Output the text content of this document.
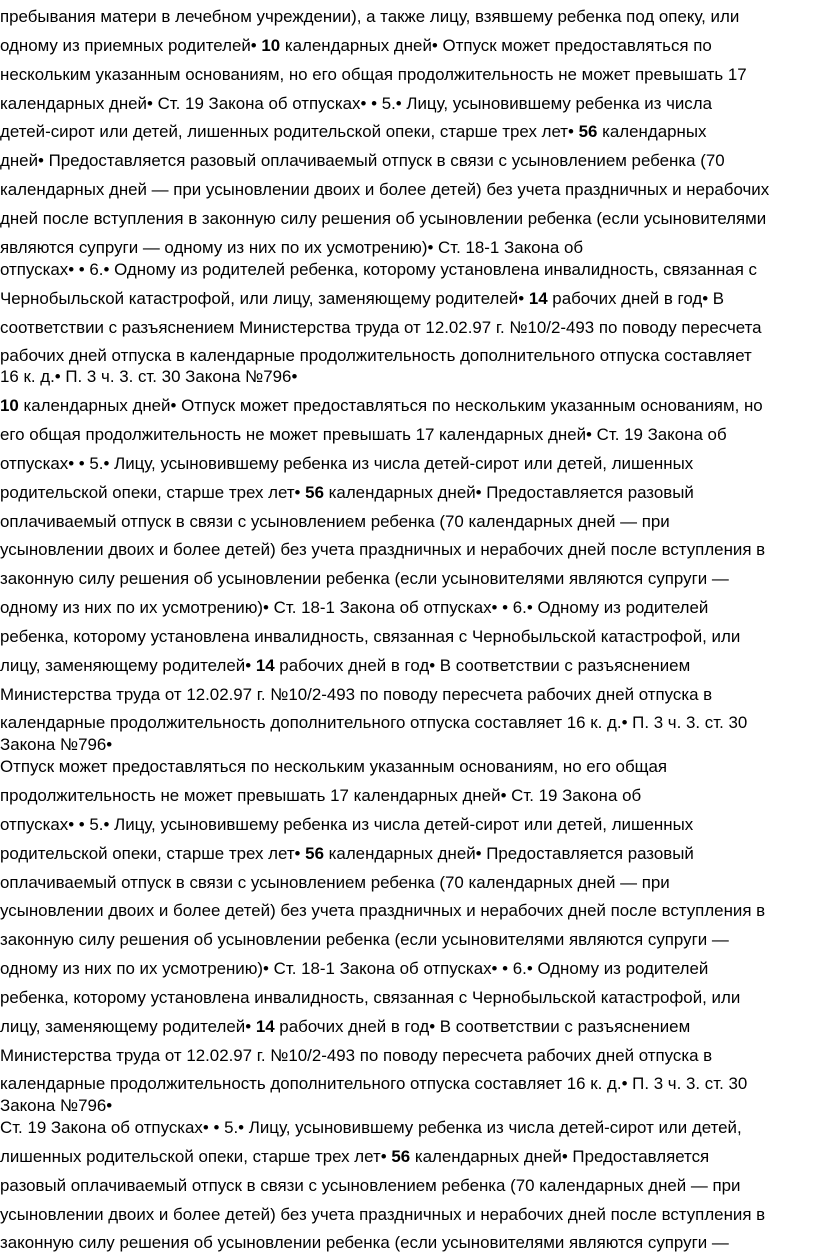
пребывания матери в лечебном учреждении), а также лицу, взявшему ребенка под опеку, или

одному из приемных родителей• 10 календарных дней• Отпуск может предоставляться по

нескольким указанным основаниям, но его общая продолжительность не может превышать 17

календарных дней• Ст. 19 Закона об отпусках• • 5.• Лицу, усыновившему ребенка из числа

детей-сирот или детей, лишенных родительской опеки, старше трех лет• 56 календарных

дней• Предоставляется разовый оплачиваемый отпуск в связи с усыновлением ребенка (70

календарных дней — при усыновлении двоих и более детей) без учета праздничных и нерабочих

дней после вступления в законную силу решения об усыновлении ребенка (если усыновителями

являются супруги — одному из них по их усмотрению)• Ст. 18-1 Закона об

отпусках• • 6.• Одному из родителей ребенка, которому установлена инвалидность, связанная с

Чернобыльской катастрофой, или лицу, заменяющему родителей• 14 рабочих дней в год• В

соответствии с разъяснением Министерства труда от 12.02.97 г. №10/2-493 по поводу пересчета

рабочих дней отпуска в календарные продолжительность дополнительного отпуска составляет

16 к. д.• П. 3 ч. 3. ст. 30 Закона №796•

10 календарных дней• Отпуск может предоставляться по нескольким указанным основаниям, но

его общая продолжительность не может превышать 17 календарных дней• Ст. 19 Закона об

отпусках• • 5.• Лицу, усыновившему ребенка из числа детей-сирот или детей, лишенных

родительской опеки, старше трех лет• 56 календарных дней• Предоставляется разовый

оплачиваемый отпуск в связи с усыновлением ребенка (70 календарных дней — при

усыновлении двоих и более детей) без учета праздничных и нерабочих дней после вступления в

законную силу решения об усыновлении ребенка (если усыновителями являются супруги —

одному из них по их усмотрению)• Ст. 18-1 Закона об отпусках• • 6.• Одному из родителей

ребенка, которому установлена инвалидность, связанная с Чернобыльской катастрофой, или

лицу, заменяющему родителей• 14 рабочих дней в год• В соответствии с разъяснением

Министерства труда от 12.02.97 г. №10/2-493 по поводу пересчета рабочих дней отпуска в

календарные продолжительность дополнительного отпуска составляет 16 к. д.• П. 3 ч. 3. ст. 30

Закона №796•

Отпуск может предоставляться по нескольким указанным основаниям, но его общая

продолжительность не может превышать 17 календарных дней• Ст. 19 Закона об

отпусках• • 5.• Лицу, усыновившему ребенка из числа детей-сирот или детей, лишенных

родительской опеки, старше трех лет• 56 календарных дней• Предоставляется разовый

оплачиваемый отпуск в связи с усыновлением ребенка (70 календарных дней — при

усыновлении двоих и более детей) без учета праздничных и нерабочих дней после вступления в

законную силу решения об усыновлении ребенка (если усыновителями являются супруги —

одному из них по их усмотрению)• Ст. 18-1 Закона об отпусках• • 6.• Одному из родителей

ребенка, которому установлена инвалидность, связанная с Чернобыльской катастрофой, или

лицу, заменяющему родителей• 14 рабочих дней в год• В соответствии с разъяснением

Министерства труда от 12.02.97 г. №10/2-493 по поводу пересчета рабочих дней отпуска в

календарные продолжительность дополнительного отпуска составляет 16 к. д.• П. 3 ч. 3. ст. 30

Закона №796•

Ст. 19 Закона об отпусках• • 5.• Лицу, усыновившему ребенка из числа детей-сирот или детей,

лишенных родительской опеки, старше трех лет• 56 календарных дней• Предоставляется

разовый оплачиваемый отпуск в связи с усыновлением ребенка (70 календарных дней — при

усыновлении двоих и более детей) без учета праздничных и нерабочих дней после вступления в

законную силу решения об усыновлении ребенка (если усыновителями являются супруги —
